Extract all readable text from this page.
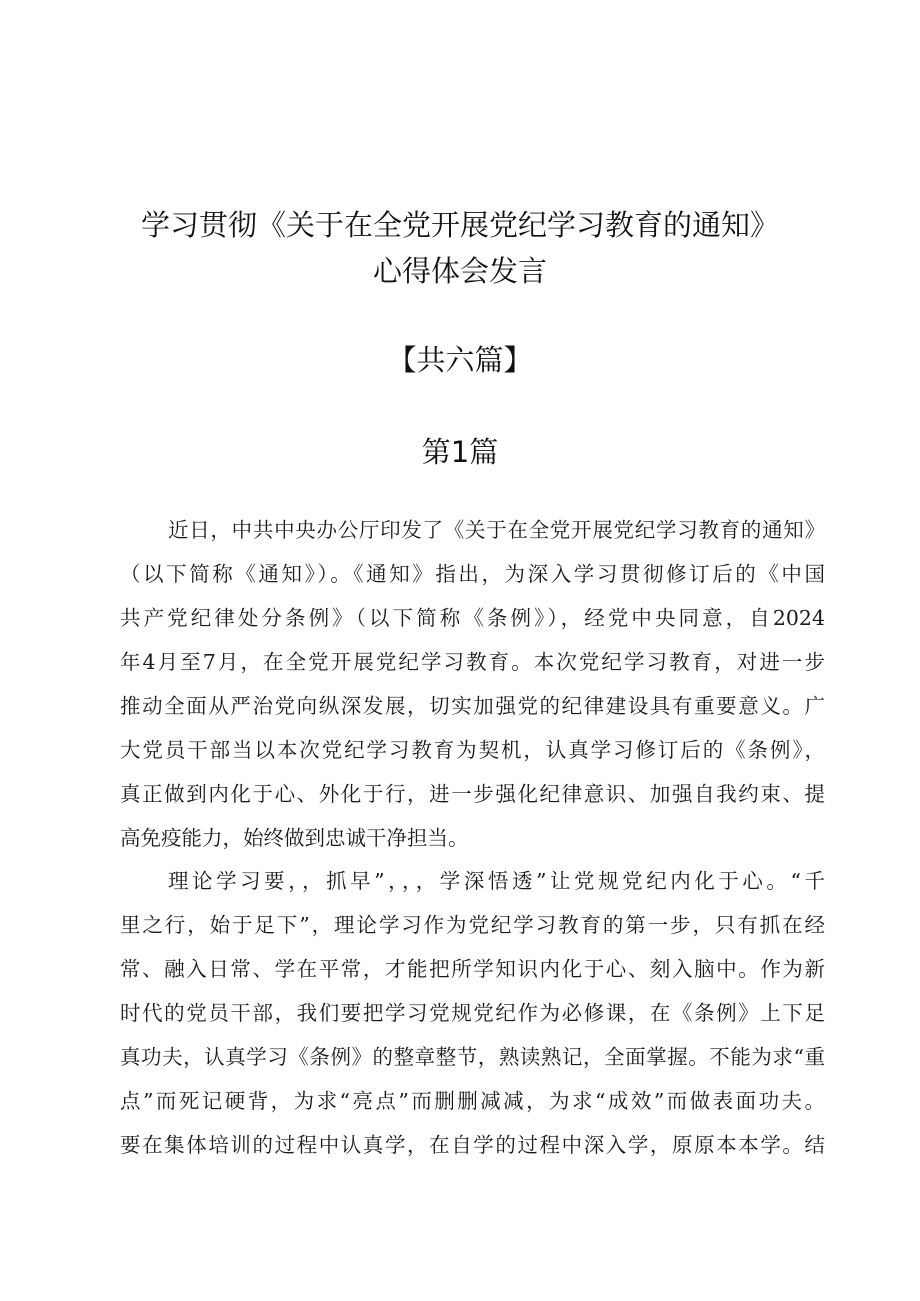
学习贯彻《关于在全党开展党纪学习教育的通知》
心得体会发言
【共六篇】
第1篇
近日，中共中央办公厅印发了《关于在全党开展党纪学习教育的通知》
（以下简称《通知》）。《通知》指出，为深入学习贯彻修订后的《中国
共产党纪律处分条例》（以下简称《条例》），经党中央同意，自2024
年4月至7月，在全党开展党纪学习教育。本次党纪学习教育，对进一步
推动全面从严治党向纵深发展，切实加强党的纪律建设具有重要意义。广
大党员干部当以本次党纪学习教育为契机，认真学习修订后的《条例》，
真正做到内化于心、外化于行，进一步强化纪律意识、加强自我约束、提
高免疫能力，始终做到忠诚干净担当。
理论学习要，，抓早”，，，学深悟透”让党规党纪内化于心。“千
里之行，始于足下”，理论学习作为党纪学习教育的第一步，只有抓在经
常、融入日常、学在平常，才能把所学知识内化于心、刻入脑中。作为新
时代的党员干部，我们要把学习党规党纪作为必修课，在《条例》上下足
真功夫，认真学习《条例》的整章整节，熟读熟记，全面掌握。不能为求“重
点”而死记硬背，为求“亮点”而删删减减，为求“成效”而做表面功夫。
要在集体培训的过程中认真学，在自学的过程中深入学，原原本本学。结
